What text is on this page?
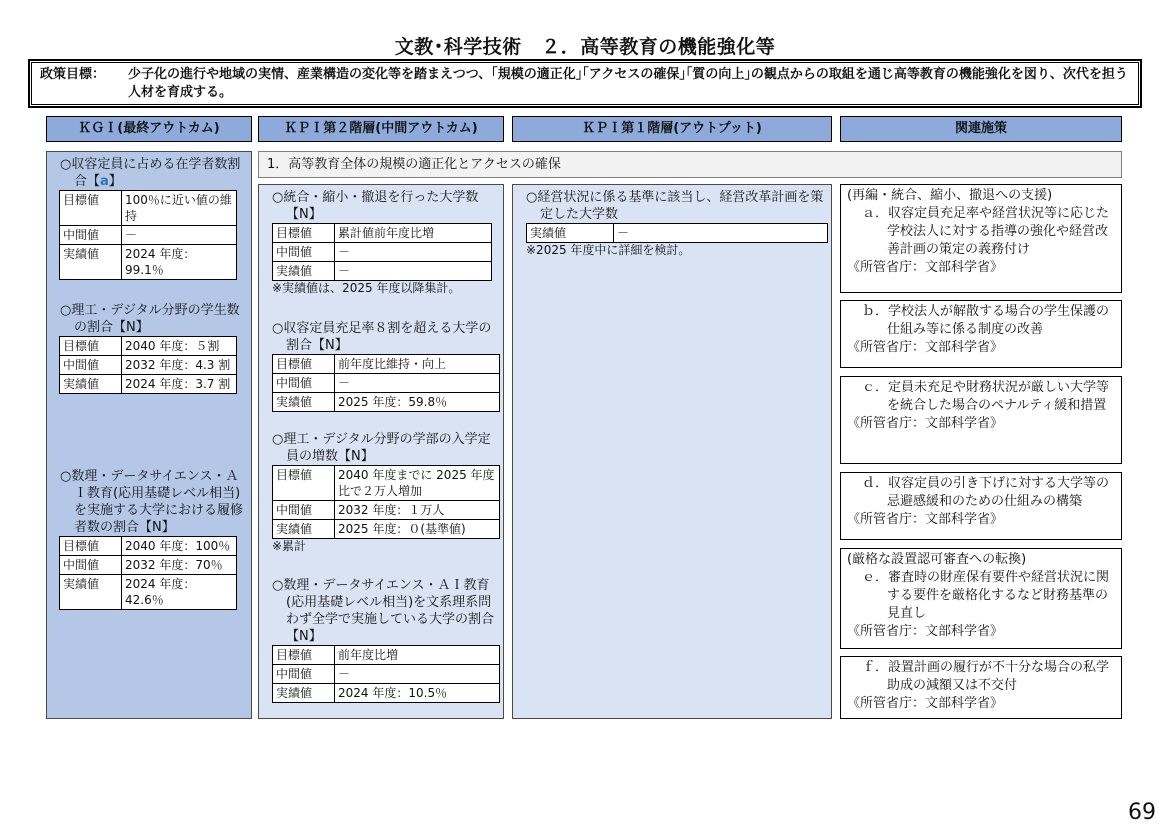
文教･科学技術　２．高等教育の機能強化等
政策目標： 少子化の進行や地域の実情、産業構造の変化等を踏まえつつ、｢規模の適正化｣｢アクセスの確保｣｢質の向上｣の観点からの取組を通じ高等教育の機能強化を図り、次代を担う人材を育成する。
ＫＧＩ(最終アウトカム)	ＫＰＩ第２階層(中間アウトカム)	ＫＰＩ第１階層(アウトプット)	関連施策
1．高等教育全体の規模の適正化とアクセスの確保
○収容定員に占める在学者数割合【a】
目標値	100％に近い値の維持
中間値	－
実績値	2024 年度：99.1％
○理工・デジタル分野の学生数の割合【N】
目標値	2040 年度：５割
中間値	2032 年度：4.3 割
実績値	2024 年度：3.7 割
○数理・データサイエンス・ＡＩ教育(応用基礎レベル相当)を実施する大学における履修者数の割合【N】
目標値	2040 年度：100％
中間値	2032 年度：70％
実績値	2024 年度：42.6％
○統合・縮小・撤退を行った大学数【N】
目標値	累計値前年度比増
中間値	－
実績値	－
※実績値は、2025 年度以降集計。
○収容定員充足率８割を超える大学の割合【N】
目標値	前年度比維持・向上
中間値	－
実績値	2025 年度：59.8％
○理工・デジタル分野の学部の入学定員の増数【N】
目標値	2040 年度までに 2025 年度比で２万人増加
中間値	2032 年度：１万人
実績値	2025 年度：０(基準値)
※累計
○数理・データサイエンス・ＡＩ教育(応用基礎レベル相当)を文系理系問わず全学で実施している大学の割合【N】
目標値	前年度比増
中間値	－
実績値	2024 年度：10.5％
○経営状況に係る基準に該当し、経営改革計画を策定した大学数
実績値	－
※2025 年度中に詳細を検討。
(再編・統合、縮小、撤退への支援)
ａ．収容定員充足率や経営状況等に応じた学校法人に対する指導の強化や経営改善計画の策定の義務付け
《所管省庁：文部科学省》
ｂ．学校法人が解散する場合の学生保護の仕組み等に係る制度の改善
《所管省庁：文部科学省》
ｃ．定員未充足や財務状況が厳しい大学等を統合した場合のペナルティ緩和措置
《所管省庁：文部科学省》
ｄ．収容定員の引き下げに対する大学等の忌避感緩和のための仕組みの構築
《所管省庁：文部科学省》
(厳格な設置認可審査への転換)
ｅ．審査時の財産保有要件や経営状況に関する要件を厳格化するなど財務基準の見直し
《所管省庁：文部科学省》
ｆ．設置計画の履行が不十分な場合の私学助成の減額又は不交付
《所管省庁：文部科学省》
69
